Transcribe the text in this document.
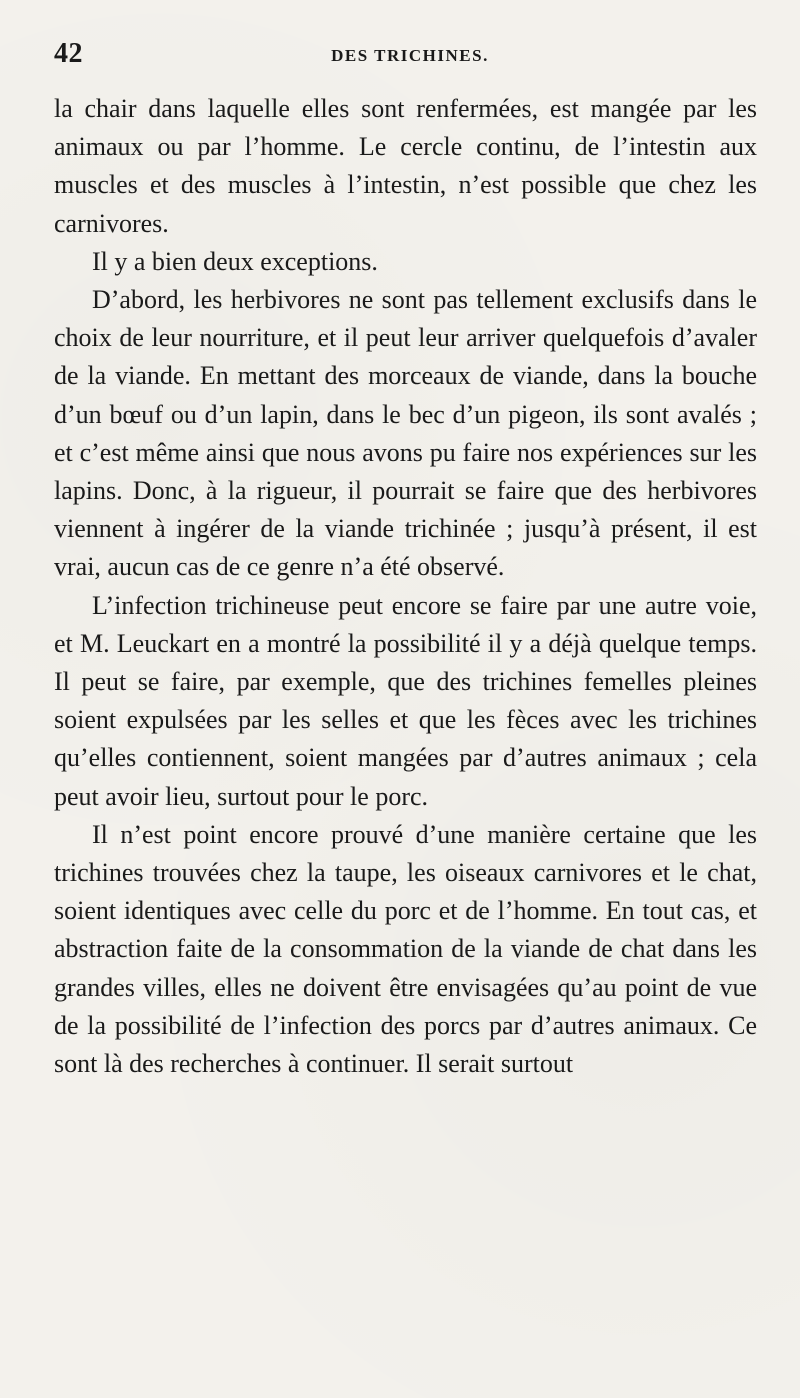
42	DES TRICHINES.

la chair dans laquelle elles sont renfermées, est mangée par les animaux ou par l’homme. Le cercle continu, de l’intestin aux muscles et des muscles à l’intestin, n’est possible que chez les carnivores.

Il y a bien deux exceptions.

D’abord, les herbivores ne sont pas tellement exclusifs dans le choix de leur nourriture, et il peut leur arriver quelquefois d’avaler de la viande. En mettant des morceaux de viande, dans la bouche d’un bœuf ou d’un lapin, dans le bec d’un pigeon, ils sont avalés ; et c’est même ainsi que nous avons pu faire nos expériences sur les lapins. Donc, à la rigueur, il pourrait se faire que des herbivores viennent à ingérer de la viande trichinée ; jusqu’à présent, il est vrai, aucun cas de ce genre n’a été observé.

L’infection trichineuse peut encore se faire par une autre voie, et M. Leuckart en a montré la possibilité il y a déjà quelque temps. Il peut se faire, par exemple, que des trichines femelles pleines soient expulsées par les selles et que les fèces avec les trichines qu’elles contiennent, soient mangées par d’autres animaux ; cela peut avoir lieu, surtout pour le porc.

Il n’est point encore prouvé d’une manière certaine que les trichines trouvées chez la taupe, les oiseaux carnivores et le chat, soient identiques avec celle du porc et de l’homme. En tout cas, et abstraction faite de la consommation de la viande de chat dans les grandes villes, elles ne doivent être envisagées qu’au point de vue de la possibilité de l’infection des porcs par d’autres animaux. Ce sont là des recherches à continuer. Il serait surtout
